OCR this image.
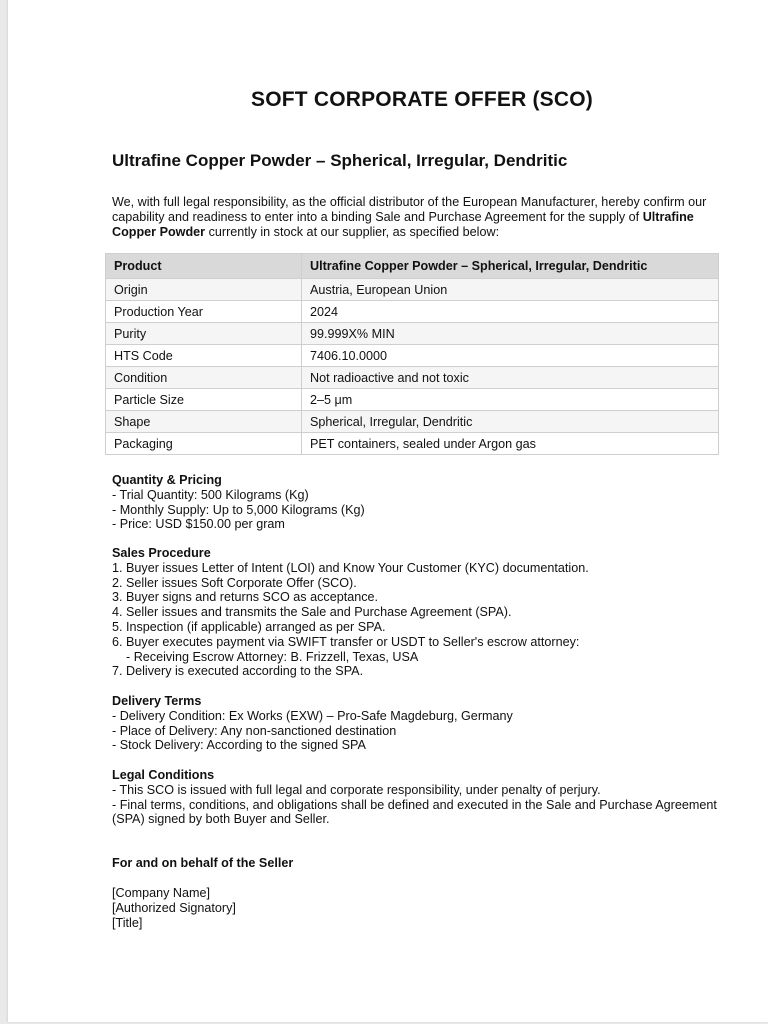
SOFT CORPORATE OFFER (SCO)
Ultrafine Copper Powder – Spherical, Irregular, Dendritic
We, with full legal responsibility, as the official distributor of the European Manufacturer, hereby confirm our capability and readiness to enter into a binding Sale and Purchase Agreement for the supply of Ultrafine Copper Powder currently in stock at our supplier, as specified below:
Product	Ultrafine Copper Powder – Spherical, Irregular, Dendritic
Origin	Austria, European Union
Production Year	2024
Purity	99.999X% MIN
HTS Code	7406.10.0000
Condition	Not radioactive and not toxic
Particle Size	2–5 μm
Shape	Spherical, Irregular, Dendritic
Packaging	PET containers, sealed under Argon gas
Quantity & Pricing
- Trial Quantity: 500 Kilograms (Kg)
- Monthly Supply: Up to 5,000 Kilograms (Kg)
- Price: USD $150.00 per gram
Sales Procedure
1. Buyer issues Letter of Intent (LOI) and Know Your Customer (KYC) documentation.
2. Seller issues Soft Corporate Offer (SCO).
3. Buyer signs and returns SCO as acceptance.
4. Seller issues and transmits the Sale and Purchase Agreement (SPA).
5. Inspection (if applicable) arranged as per SPA.
6. Buyer executes payment via SWIFT transfer or USDT to Seller's escrow attorney:
- Receiving Escrow Attorney: B. Frizzell, Texas, USA
7. Delivery is executed according to the SPA.
Delivery Terms
- Delivery Condition: Ex Works (EXW) – Pro-Safe Magdeburg, Germany
- Place of Delivery: Any non-sanctioned destination
- Stock Delivery: According to the signed SPA
Legal Conditions
- This SCO is issued with full legal and corporate responsibility, under penalty of perjury.
- Final terms, conditions, and obligations shall be defined and executed in the Sale and Purchase Agreement (SPA) signed by both Buyer and Seller.
For and on behalf of the Seller
[Company Name]
[Authorized Signatory]
[Title]
